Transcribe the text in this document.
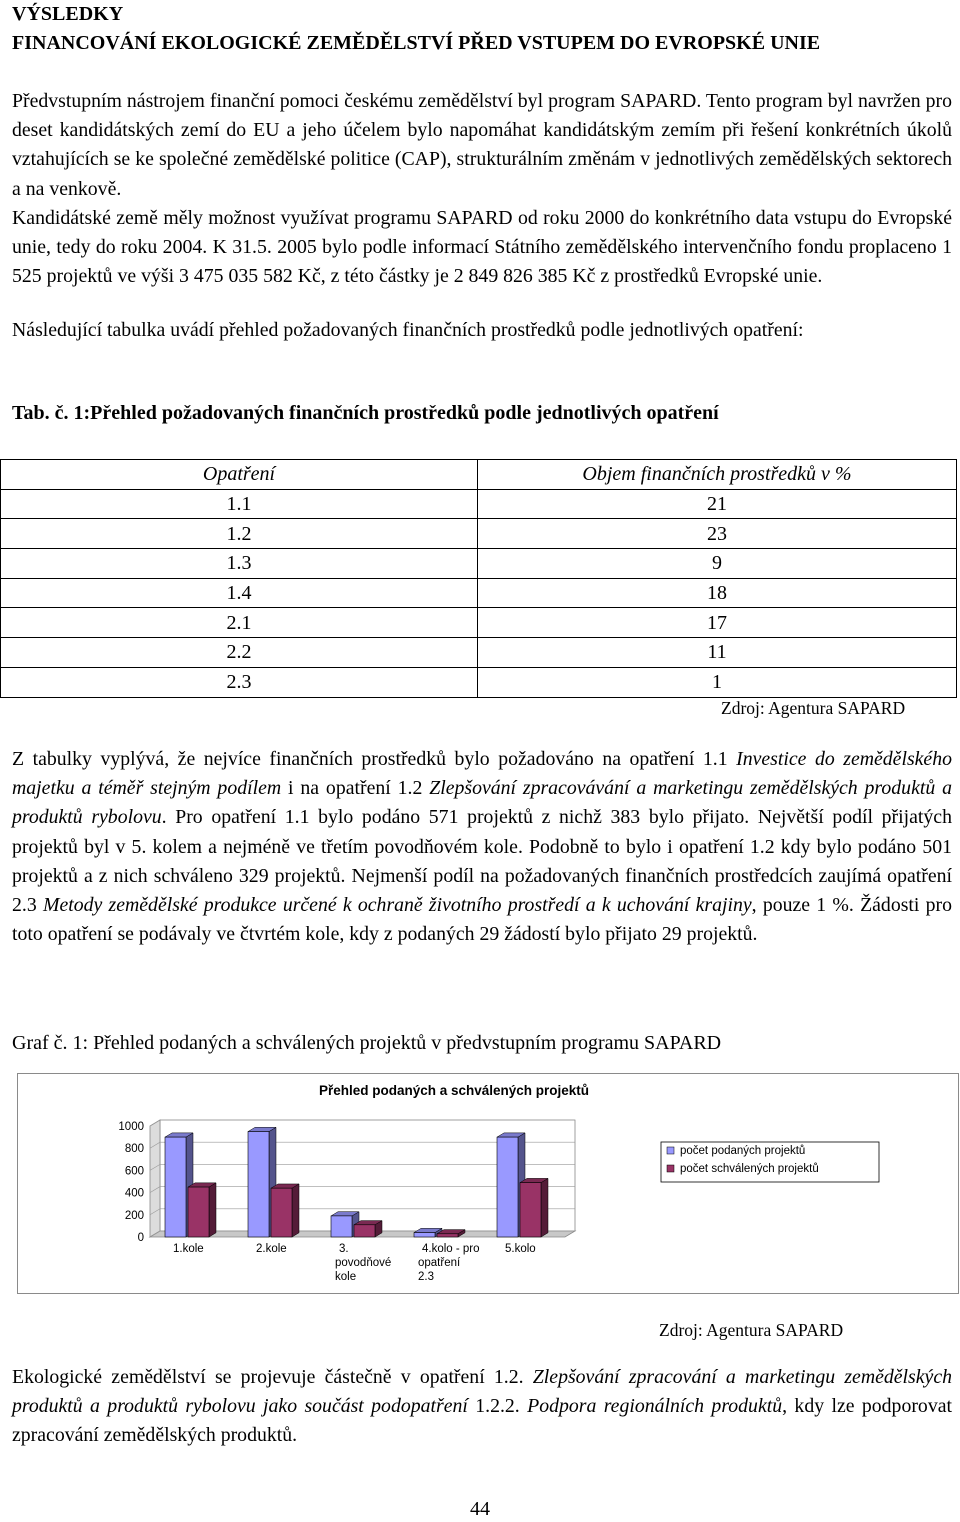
VÝSLEDKY
FINANCOVÁNÍ EKOLOGICKÉ ZEMĚDĚLSTVÍ PŘED VSTUPEM DO EVROPSKÉ UNIE

Předvstupním nástrojem finanční pomoci českému zemědělství byl program SAPARD. Tento program byl navržen pro deset kandidátských zemí do EU a jeho účelem bylo napomáhat kandidátským zemím při řešení konkrétních úkolů vztahujících se ke společné zemědělské politice (CAP), strukturálním změnám v jednotlivých zemědělských sektorech a na venkově.

Kandidátské země měly možnost využívat programu SAPARD od roku 2000 do konkrétního data vstupu do Evropské unie, tedy do roku 2004. K 31.5. 2005 bylo podle informací Státního zemědělského intervenčního fondu proplaceno 1 525 projektů ve výši 3 475 035 582 Kč, z této částky je 2 849 826 385 Kč z prostředků Evropské unie.

Následující tabulka uvádí přehled požadovaných finančních prostředků podle jednotlivých opatření:

Tab. č. 1:Přehled požadovaných finančních prostředků podle jednotlivých opatření
Opatření	Objem finančních prostředků v %
1.1	21
1.2	23
1.3	9
1.4	18
2.1	17
2.2	11
2.3	1
Zdroj: Agentura SAPARD

Z tabulky vyplývá, že nejvíce finančních prostředků bylo požadováno na opatření 1.1 Investice do zemědělského majetku a téměř stejným podílem i na opatření 1.2 Zlepšování zpracovávání a marketingu zemědělských produktů a produktů rybolovu. Pro opatření 1.1 bylo podáno 571 projektů z nichž 383 bylo přijato. Největší podíl přijatých projektů byl v 5. kolem a nejméně ve třetím povodňovém kole. Podobně to bylo i opatření 1.2 kdy bylo podáno 501 projektů a z nich schváleno 329 projektů. Nejmenší podíl na požadovaných finančních prostředcích zaujímá opatření 2.3 Metody zemědělské produkce určené k ochraně životního prostředí a k uchování krajiny, pouze 1 %. Žádosti pro toto opatření se podávaly ve čtvrtém kole, kdy z podaných 29 žádostí bylo přijato 29 projektů.

Graf č. 1: Přehled podaných a schválených projektů v předvstupním programu SAPARD
Přehled podaných a schválených projektů
0
200
400
600
800
1000
1.kole	2.kole	3. povodňové kole
4.kolo - pro opatření 2.3
5.kolo
počet podaných projektů
počet schválených projektů
Zdroj: Agentura SAPARD

Ekologické zemědělství se projevuje částečně v opatření 1.2. Zlepšování zpracování a marketingu zemědělských produktů a produktů rybolovu jako součást podopatření 1.2.2. Podpora regionálních produktů, kdy lze podporovat zpracování zemědělských produktů.

44
